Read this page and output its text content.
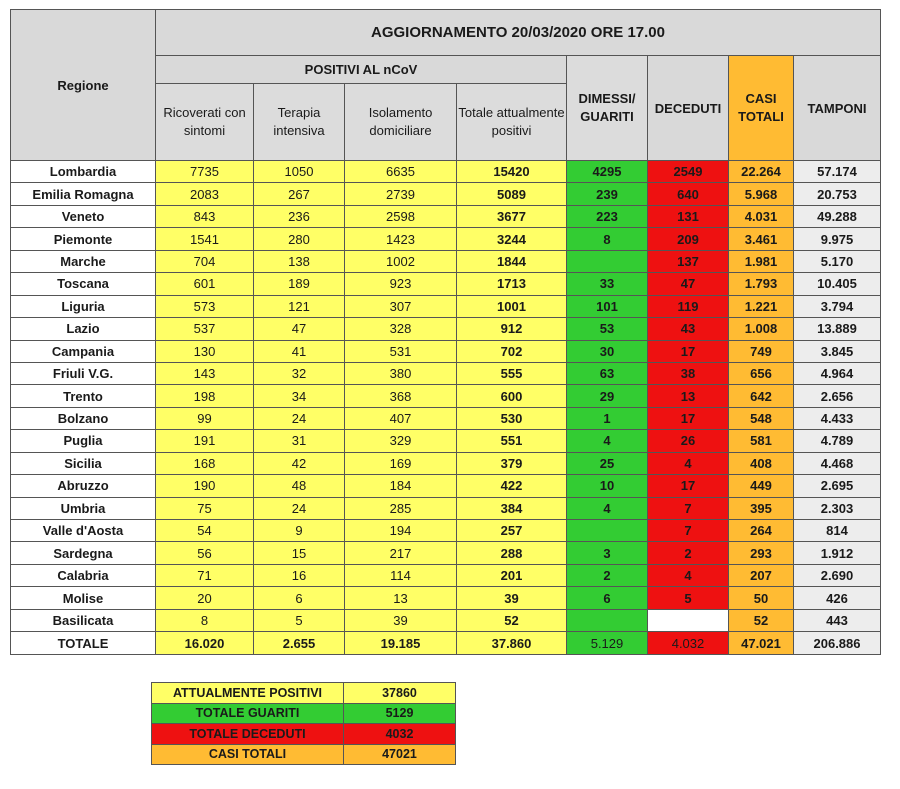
Regione	AGGIORNAMENTO 20/03/2020 ORE 17.00							
	POSITIVI AL nCoV				DIMESSI/ GUARITI	DECEDUTI	CASI TOTALI	TAMPONI
	Ricoverati con sintomi	Terapia intensiva	Isolamento domiciliare	Totale attualmente positivi				
Lombardia	7735	1050	6635	15420	4295	2549	22.264	57.174
Emilia Romagna	2083	267	2739	5089	239	640	5.968	20.753
Veneto	843	236	2598	3677	223	131	4.031	49.288
Piemonte	1541	280	1423	3244	8	209	3.461	9.975
Marche	704	138	1002	1844		137	1.981	5.170
Toscana	601	189	923	1713	33	47	1.793	10.405
Liguria	573	121	307	1001	101	119	1.221	3.794
Lazio	537	47	328	912	53	43	1.008	13.889
Campania	130	41	531	702	30	17	749	3.845
Friuli V.G.	143	32	380	555	63	38	656	4.964
Trento	198	34	368	600	29	13	642	2.656
Bolzano	99	24	407	530	1	17	548	4.433
Puglia	191	31	329	551	4	26	581	4.789
Sicilia	168	42	169	379	25	4	408	4.468
Abruzzo	190	48	184	422	10	17	449	2.695
Umbria	75	24	285	384	4	7	395	2.303
Valle d'Aosta	54	9	194	257		7	264	814
Sardegna	56	15	217	288	3	2	293	1.912
Calabria	71	16	114	201	2	4	207	2.690
Molise	20	6	13	39	6	5	50	426
Basilicata	8	5	39	52			52	443
TOTALE	16.020	2.655	19.185	37.860	5.129	4.032	47.021	206.886
ATTUALMENTE POSITIVI	37860
TOTALE GUARITI	5129
TOTALE DECEDUTI	4032
CASI TOTALI	47021
